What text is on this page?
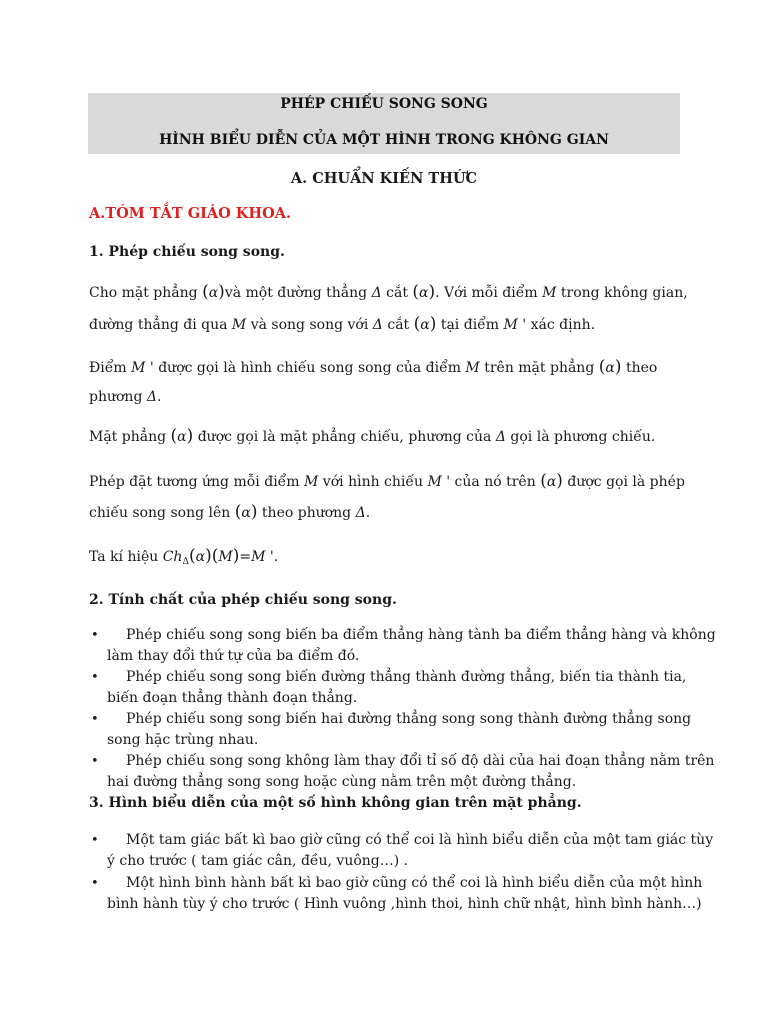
PHÉP CHIẾU SONG SONG
HÌNH BIỂU DIỄN CỦA MỘT HÌNH TRONG KHÔNG GIAN
A. CHUẨN KIẾN THỨC
A.TÓM TẮT GIÁO KHOA.
1. Phép chiếu song song.
Cho mặt phẳng (α)và một đường thẳng Δ cắt (α). Với mỗi điểm M trong không gian,
đường thẳng đi qua M và song song với Δ cắt (α) tại điểm M ' xác định.
Điểm M ' được gọi là hình chiếu song song của điểm M trên mặt phẳng (α) theo
phương Δ.
Mặt phẳng (α) được gọi là mặt phẳng chiếu, phương của Δ gọi là phương chiếu.
Phép đặt tương ứng mỗi điểm M với hình chiếu M ' của nó trên (α) được gọi là phép
chiếu song song lên (α) theo phương Δ.
Ta kí hiệu $Ch_\Delta(\alpha)(M)=M$ '.
2. Tính chất của phép chiếu song song.
• Phép chiếu song song biến ba điểm thẳng hàng tành ba điểm thẳng hàng và không
làm thay đổi thứ tự của ba điểm đó.
• Phép chiếu song song biến đường thẳng thành đường thẳng, biến tia thành tia,
biến đoạn thẳng thành đoạn thẳng.
• Phép chiếu song song biến hai đường thẳng song song thành đường thẳng song
song hặc trùng nhau.
• Phép chiếu song song không làm thay đổi tỉ số độ dài của hai đoạn thẳng nằm trên
hai đường thẳng song song hoặc cùng nằm trên một đường thẳng.
3. Hình biểu diễn của một số hình không gian trên mặt phẳng.
• Một tam giác bất kì bao giờ cũng có thể coi là hình biểu diễn của một tam giác tùy
ý cho trước ( tam giác cân, đều, vuông…) .
• Một hình bình hành bất kì bao giờ cũng có thể coi là hình biểu diễn của một hình
bình hành tùy ý cho trước ( Hình vuông ,hình thoi, hình chữ nhật, hình bình hành…)
